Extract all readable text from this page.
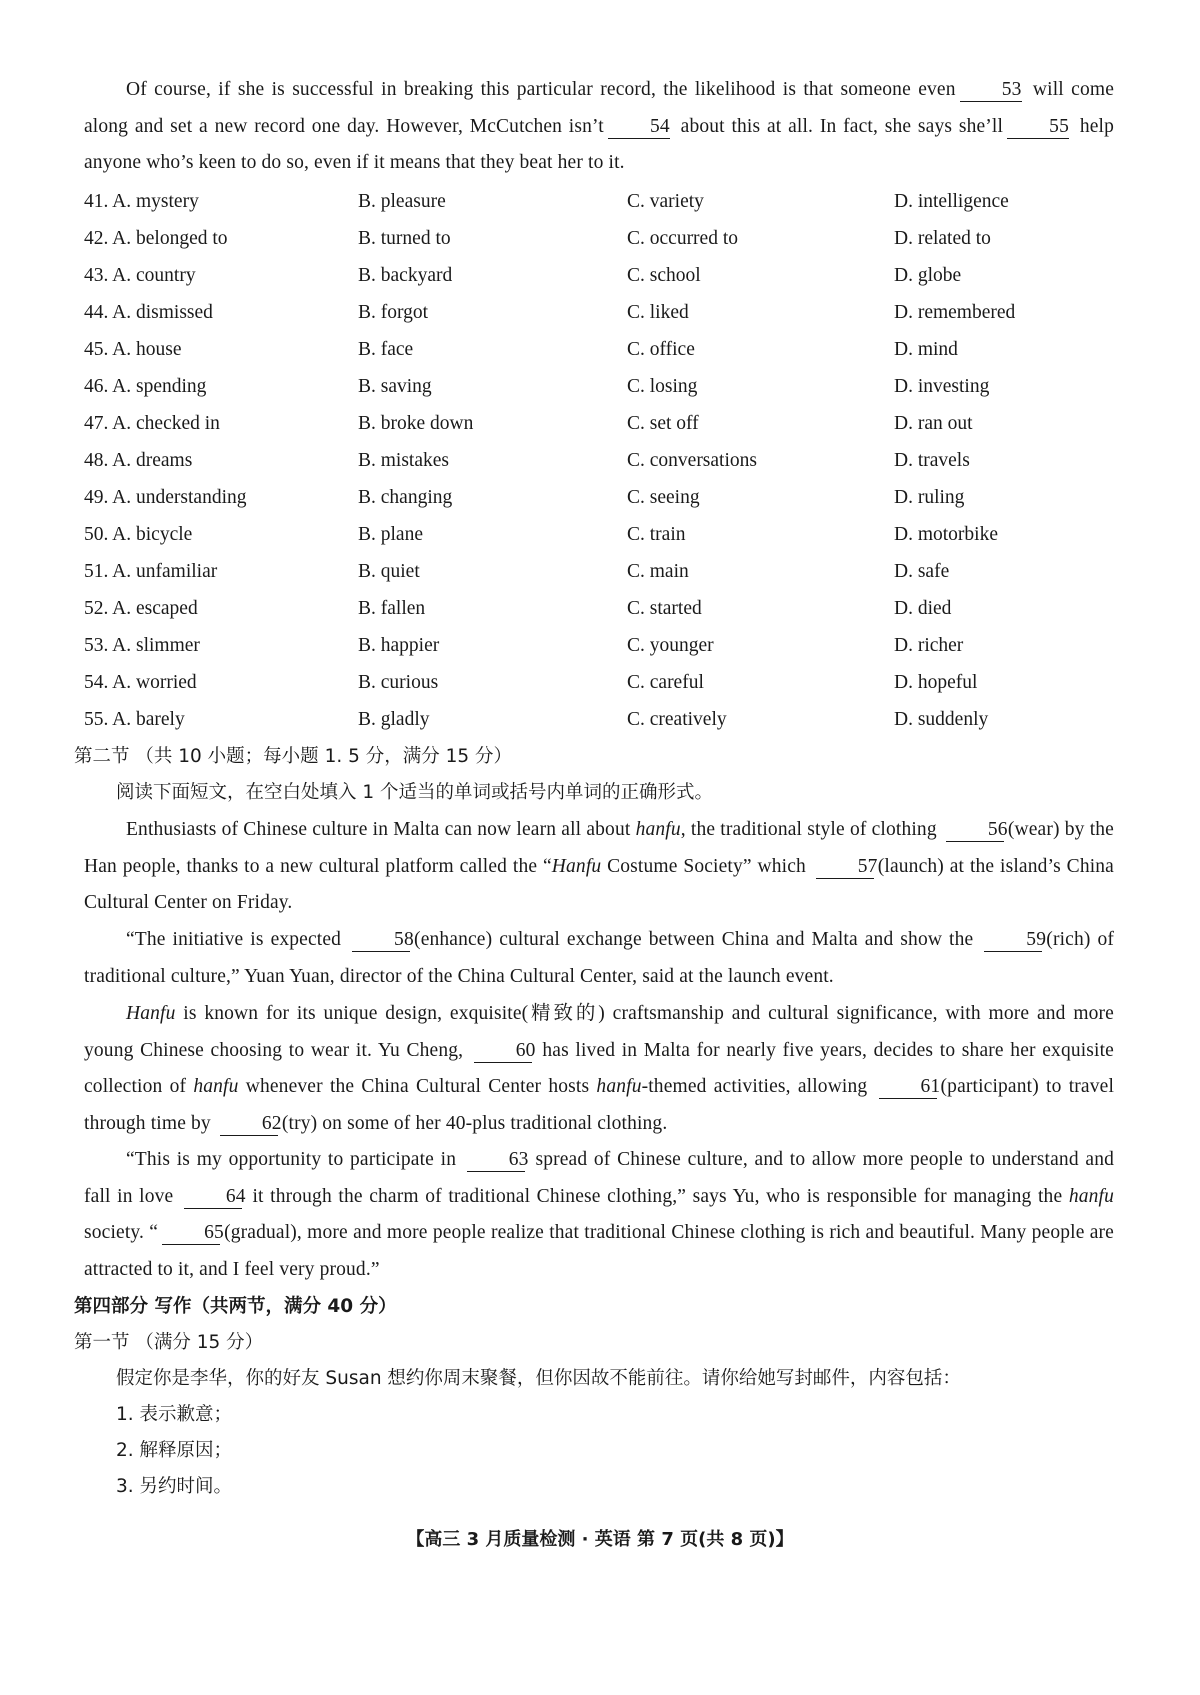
Of course, if she is successful in breaking this particular record, the likelihood is that someone even 53 will come along and set a new record one day. However, McCutchen isn’t 54 about this at all. In fact, she says she’ll 55 help anyone who’s keen to do so, even if it means that they beat her to it.

41. A. mystery	B. pleasure	C. variety	D. intelligence
42. A. belonged to	B. turned to	C. occurred to	D. related to
43. A. country	B. backyard	C. school	D. globe
44. A. dismissed	B. forgot	C. liked	D. remembered
45. A. house	B. face	C. office	D. mind
46. A. spending	B. saving	C. losing	D. investing
47. A. checked in	B. broke down	C. set off	D. ran out
48. A. dreams	B. mistakes	C. conversations	D. travels
49. A. understanding	B. changing	C. seeing	D. ruling
50. A. bicycle	B. plane	C. train	D. motorbike
51. A. unfamiliar	B. quiet	C. main	D. safe
52. A. escaped	B. fallen	C. started	D. died
53. A. slimmer	B. happier	C. younger	D. richer
54. A. worried	B. curious	C. careful	D. hopeful
55. A. barely	B. gladly	C. creatively	D. suddenly
第二节 （共 10 小题；每小题 1. 5 分，满分 15 分）
阅读下面短文，在空白处填入 1 个适当的单词或括号内单词的正确形式。

Enthusiasts of Chinese culture in Malta can now learn all about hanfu, the traditional style of clothing	56(wear) by the Han people, thanks to a new cultural platform called the “Hanfu Costume Society” which	57(launch) at the island’s China Cultural Center on Friday.

“The initiative is expected	58(enhance) cultural exchange between China and Malta and show the	59(rich) of traditional culture,” Yuan Yuan, director of the China Cultural Center, said at the launch event.

Hanfu is known for its unique design, exquisite(精致的) craftsmanship and cultural significance, with more and more young Chinese choosing to wear it. Yu Cheng,	60 has lived in Malta for nearly five years, decides to share her exquisite collection of hanfu whenever the China Cultural Center hosts hanfu-themed activities, allowing	61(participant) to travel through time by	62(try) on some of her 40-plus traditional clothing.

“This is my opportunity to participate in	63 spread of Chinese culture, and to allow more people to understand and fall in love	64 it through the charm of traditional Chinese clothing,” says Yu, who is responsible for managing the hanfu society. “ 65(gradual), more and more people realize that traditional Chinese clothing is rich and beautiful. Many people are attracted to it, and I feel very proud.”

第四部分 写作（共两节，满分 40 分）
第一节 （满分 15 分）
假定你是李华，你的好友 Susan 想约你周末聚餐，但你因故不能前往。请你给她写封邮件，内容包括：
1. 表示歉意；
2. 解释原因；
3. 另约时间。
【高三 3 月质量检测 · 英语 第 7 页(共 8 页)】
